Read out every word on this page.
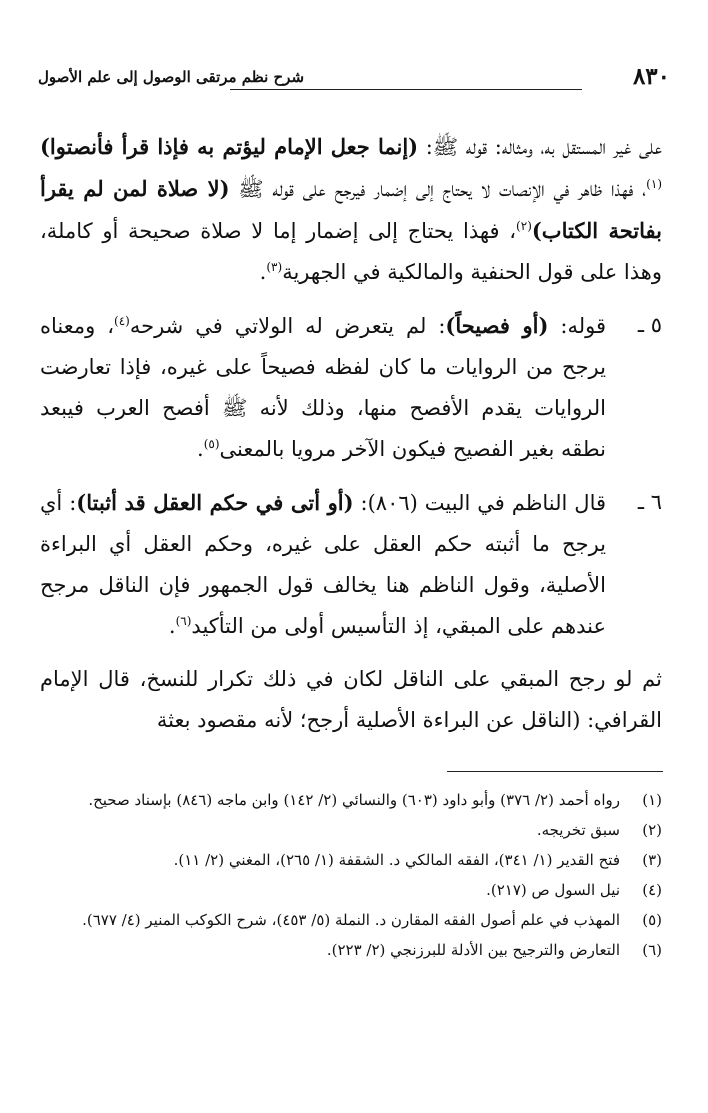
٨٣٠
شرح نظم مرتقى الوصول إلى علم الأصول

على غير المستقل به، ومثاله: قوله ﷺ: (إنما جعل الإمام ليؤتم به فإذا قرأ فأنصتوا)$^{(١)}$، فهذا ظاهر في الإنصات لا يحتاج إلى إضمار فيرجح على قوله ﷺ (لا صلاة لمن لم يقرأ بفاتحة الكتاب)$^{(٢)}$، فهذا يحتاج إلى إضمار إما لا صلاة صحيحة أو كاملة، وهذا على قول الحنفية والمالكية في الجهرية$^{(٣)}$.

٥ ـ
قوله: (أو فصيحاً): لم يتعرض له الولاتي في شرحه$^{(٤)}$، ومعناه يرجح من الروايات ما كان لفظه فصيحاً على غيره، فإذا تعارضت الروايات يقدم الأفصح منها، وذلك لأنه ﷺ أفصح العرب فيبعد نطقه بغير الفصيح فيكون الآخر مرويا بالمعنى$^{(٥)}$.

٦ ـ
قال الناظم في البيت (٨٠٦): (أو أتى في حكم العقل قد أثبتا): أي يرجح ما أثبته حكم العقل على غيره، وحكم العقل أي البراءة الأصلية، وقول الناظم هنا يخالف قول الجمهور فإن الناقل مرجح عندهم على المبقي، إذ التأسيس أولى من التأكيد$^{(٦)}$.

ثم لو رجح المبقي على الناقل لكان في ذلك تكرار للنسخ، قال الإمام القرافي: (الناقل عن البراءة الأصلية أرجح؛ لأنه مقصود بعثة

(١)
رواه أحمد (٢/ ٣٧٦) وأبو داود (٦٠٣) والنسائي (٢/ ١٤٢) وابن ماجه (٨٤٦) بإسناد صحيح.

(٢)
سبق تخريجه.

(٣)
فتح القدير (١/ ٣٤١)، الفقه المالكي د. الشقفة (١/ ٢٦٥)، المغني (٢/ ١١).

(٤)
نيل السول ص (٢١٧).

(٥)
المهذب في علم أصول الفقه المقارن د. النملة (٥/ ٤٥٣)، شرح الكوكب المنير (٤/ ٦٧٧).

(٦)
التعارض والترجيح بين الأدلة للبرزنجي (٢/ ٢٢٣).
